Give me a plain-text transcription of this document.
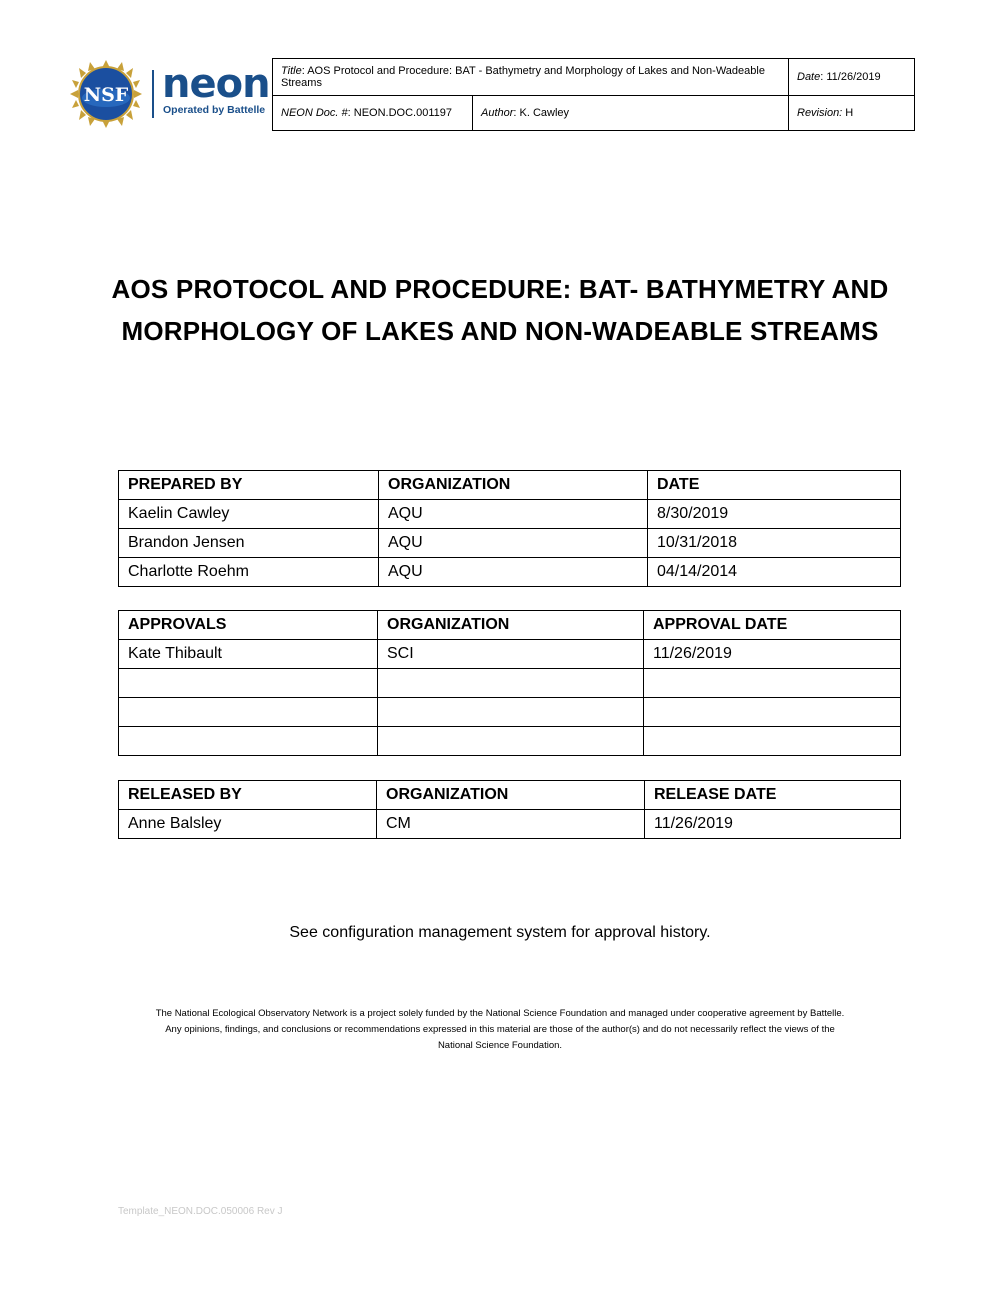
NSF neon
Operated by Battelle
Title: AOS Protocol and Procedure: BAT - Bathymetry and Morphology of Lakes and Non-Wadeable Streams		Date: 11/26/2019
NEON Doc. #: NEON.DOC.001197	Author: K. Cawley	Revision: H
AOS PROTOCOL AND PROCEDURE: BAT- BATHYMETRY AND
MORPHOLOGY OF LAKES AND NON-WADEABLE STREAMS
PREPARED BY	ORGANIZATION	DATE
Kaelin Cawley	AQU	8/30/2019
Brandon Jensen	AQU	10/31/2018
Charlotte Roehm	AQU	04/14/2014
APPROVALS	ORGANIZATION	APPROVAL DATE
Kate Thibault	SCI	11/26/2019

RELEASED BY	ORGANIZATION	RELEASE DATE
Anne Balsley	CM	11/26/2019
See configuration management system for approval history.
The National Ecological Observatory Network is a project solely funded by the National Science Foundation and managed under cooperative agreement by Battelle.
Any opinions, findings, and conclusions or recommendations expressed in this material are those of the author(s) and do not necessarily reflect the views of the
National Science Foundation.
Template_NEON.DOC.050006 Rev J
